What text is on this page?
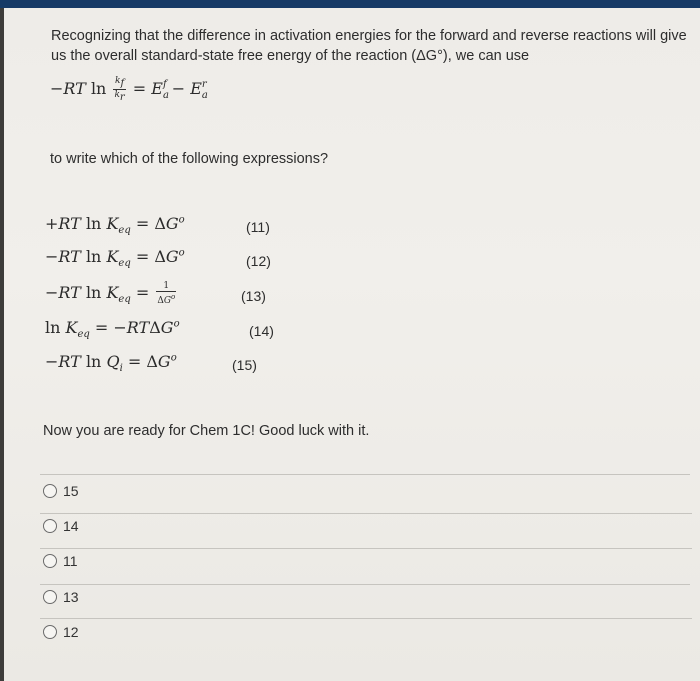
Recognizing that the difference in activation energies for the forward and reverse reactions will give us the overall standard-state free energy of the reaction (ΔG°), we can use
−RT $\ln \frac{k_f}{k_r} = E_a^f - E_a^r$
to write which of the following expressions?
+RT $\ln K_{eq} = \Delta G^o$	(11)
−RT $\ln K_{eq} = \Delta G^o$	(12)
−RT $\ln K_{eq} = \frac{1}{\Delta G^o}$	(13)
$\ln K_{eq} = -RT\Delta G^o$	(14)
−RT $\ln Q_i = \Delta G^o$	(15)
Now you are ready for Chem 1C! Good luck with it.
15
14
11
13
12
